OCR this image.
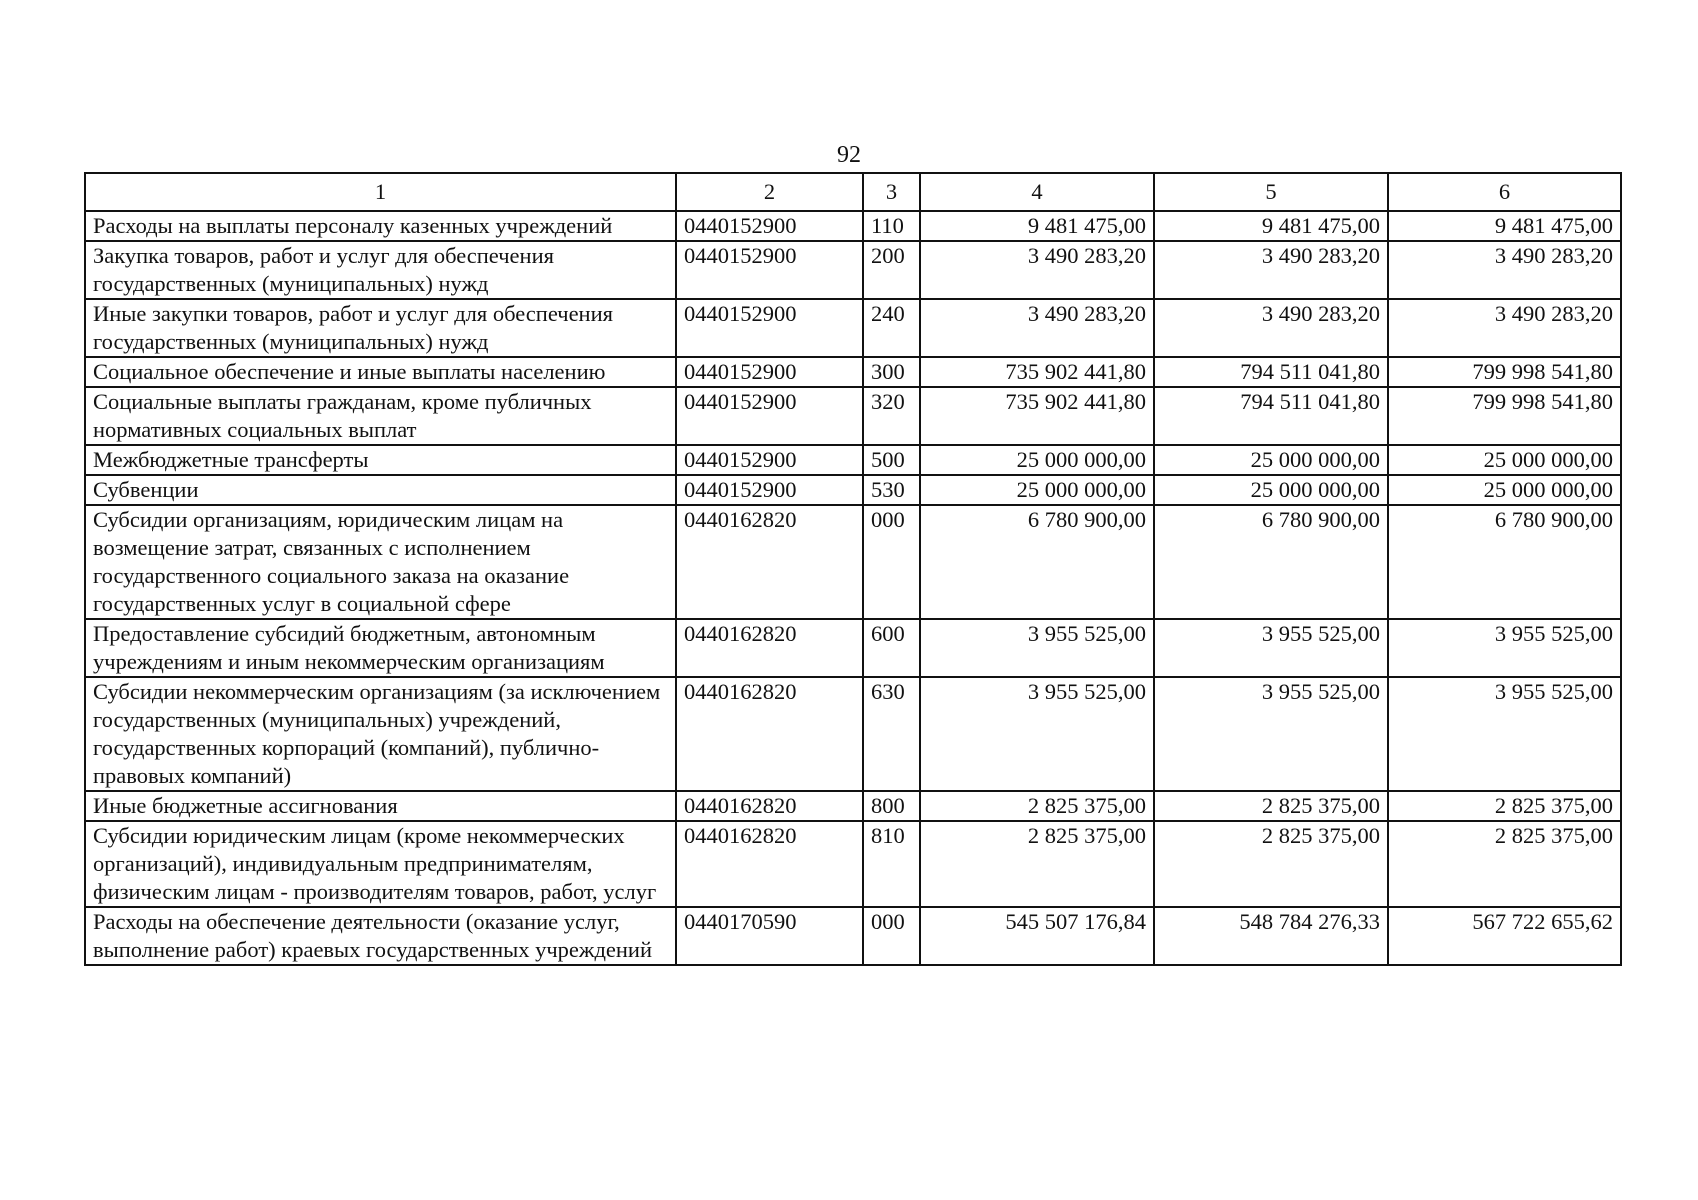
92
1	2	3	4	5	6
Расходы на выплаты персоналу казенных учреждений	0440152900	110	9 481 475,00	9 481 475,00	9 481 475,00
Закупка товаров, работ и услуг для обеспечения государственных (муниципальных) нужд	0440152900	200	3 490 283,20	3 490 283,20	3 490 283,20
Иные закупки товаров, работ и услуг для обеспечения государственных (муниципальных) нужд	0440152900	240	3 490 283,20	3 490 283,20	3 490 283,20
Социальное обеспечение и иные выплаты населению	0440152900	300	735 902 441,80	794 511 041,80	799 998 541,80
Социальные выплаты гражданам, кроме публичных нормативных социальных выплат	0440152900	320	735 902 441,80	794 511 041,80	799 998 541,80
Межбюджетные трансферты	0440152900	500	25 000 000,00	25 000 000,00	25 000 000,00
Субвенции	0440152900	530	25 000 000,00	25 000 000,00	25 000 000,00
Субсидии организациям, юридическим лицам на возмещение затрат, связанных с исполнением государственного социального заказа на оказание государственных услуг в социальной сфере	0440162820	000	6 780 900,00	6 780 900,00	6 780 900,00
Предоставление субсидий бюджетным, автономным учреждениям и иным некоммерческим организациям	0440162820	600	3 955 525,00	3 955 525,00	3 955 525,00
Субсидии некоммерческим организациям (за исключением государственных (муниципальных) учреждений, государственных корпораций (компаний), публично-правовых компаний)	0440162820	630	3 955 525,00	3 955 525,00	3 955 525,00
Иные бюджетные ассигнования	0440162820	800	2 825 375,00	2 825 375,00	2 825 375,00
Субсидии юридическим лицам (кроме некоммерческих организаций), индивидуальным предпринимателям, физическим лицам - производителям товаров, работ, услуг	0440162820	810	2 825 375,00	2 825 375,00	2 825 375,00
Расходы на обеспечение деятельности (оказание услуг, выполнение работ) краевых государственных учреждений	0440170590	000	545 507 176,84	548 784 276,33	567 722 655,62
